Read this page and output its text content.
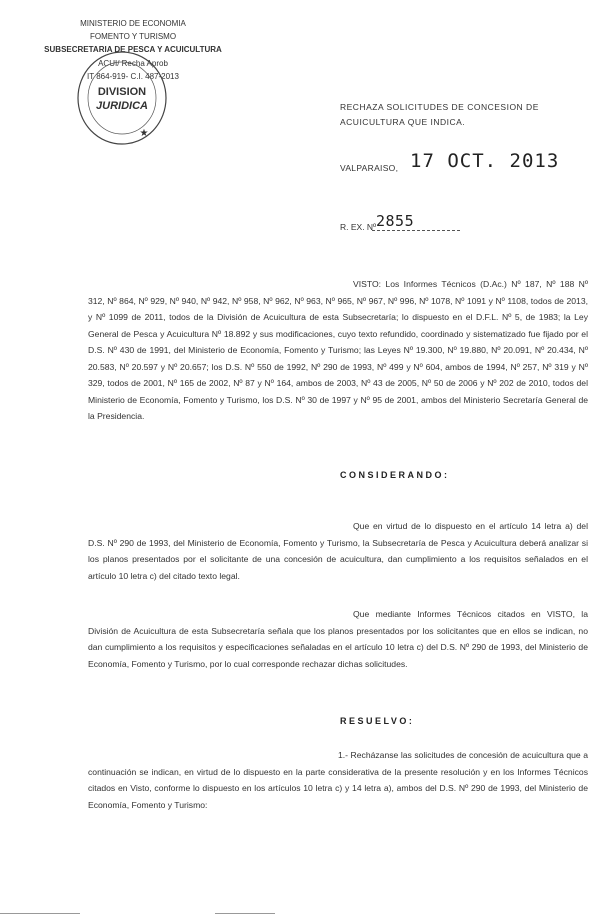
MINISTERIO DE ECONOMIA
FOMENTO Y TURISMO
SUBSECRETARIA DE PESCA Y ACUICULTURA
ACUI/ Recha Aprob
IT 864-919- C.I. 487-2013
DIVISION
JURIDICA
★
RECHAZA SOLICITUDES DE CONCESION DE ACUICULTURA QUE INDICA.
VALPARAISO, 17 OCT. 2013
2855
R. EX. Nº
VISTO: Los Informes Técnicos (D.Ac.) Nº 187, Nº 188 Nº 312, Nº 864, Nº 929, Nº 940, Nº 942, Nº 958, Nº 962, Nº 963, Nº 965, Nº 967, Nº 996, Nº 1078, Nº 1091 y Nº 1108, todos de 2013, y Nº 1099 de 2011, todos de la División de Acuicultura de esta Subsecretaría; lo dispuesto en el D.F.L. Nº 5, de 1983; la Ley General de Pesca y Acuicultura Nº 18.892 y sus modificaciones, cuyo texto refundido, coordinado y sistematizado fue fijado por el D.S. Nº 430 de 1991, del Ministerio de Economía, Fomento y Turismo; las Leyes Nº 19.300, Nº 19.880, Nº 20.091, Nº 20.434, Nº 20.583, Nº 20.597 y Nº 20.657; los D.S. Nº 550 de 1992, Nº 290 de 1993, Nº 499 y Nº 604, ambos de 1994, Nº 257, Nº 319 y Nº 329, todos de 2001, Nº 165 de 2002, Nº 87 y Nº 164, ambos de 2003, Nº 43 de 2005, Nº 50 de 2006 y Nº 202 de 2010, todos del Ministerio de Economía, Fomento y Turismo, los D.S. Nº 30 de 1997 y Nº 95 de 2001, ambos del Ministerio Secretaría General de la Presidencia.
CONSIDERANDO:
Que en virtud de lo dispuesto en el artículo 14 letra a) del D.S. Nº 290 de 1993, del Ministerio de Economía, Fomento y Turismo, la Subsecretaría de Pesca y Acuicultura deberá analizar si los planos presentados por el solicitante de una concesión de acuicultura, dan cumplimiento a los requisitos señalados en el artículo 10 letra c) del citado texto legal.
Que mediante Informes Técnicos citados en VISTO, la División de Acuicultura de esta Subsecretaría señala que los planos presentados por los solicitantes que en ellos se indican, no dan cumplimiento a los requisitos y especificaciones señaladas en el artículo 10 letra c) del D.S. Nº 290 de 1993, del Ministerio de Economía, Fomento y Turismo, por lo cual corresponde rechazar dichas solicitudes.
RESUELVO:
1.- Recházanse las solicitudes de concesión de acuicultura que a continuación se indican, en virtud de lo dispuesto en la parte considerativa de la presente resolución y en los Informes Técnicos citados en Visto, conforme lo dispuesto en los artículos 10 letra c) y 14 letra a), ambos del D.S. Nº 290 de 1993, del Ministerio de Economía, Fomento y Turismo:
